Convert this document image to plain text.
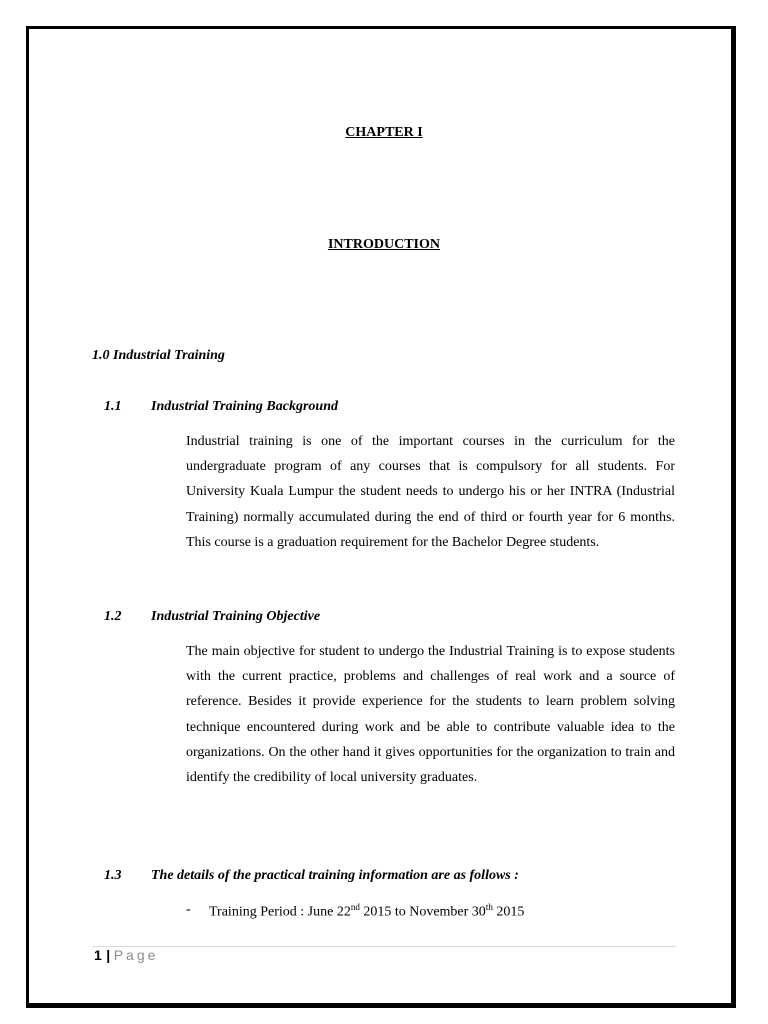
CHAPTER I
INTRODUCTION
1.0 Industrial Training
1.1 Industrial Training Background
Industrial training is one of the important courses in the curriculum for the undergraduate program of any courses that is compulsory for all students. For University Kuala Lumpur the student needs to undergo his or her INTRA (Industrial Training) normally accumulated during the end of third or fourth year for 6 months. This course is a graduation requirement for the Bachelor Degree students.
1.2 Industrial Training Objective
The main objective for student to undergo the Industrial Training is to expose students with the current practice, problems and challenges of real work and a source of reference. Besides it provide experience for the students to learn problem solving technique encountered during work and be able to contribute valuable idea to the organizations. On the other hand it gives opportunities for the organization to train and identify the credibility of local university graduates.
1.3 The details of the practical training information are as follows :
- Training Period : June 22nd 2015 to November 30th 2015
1 | Page
